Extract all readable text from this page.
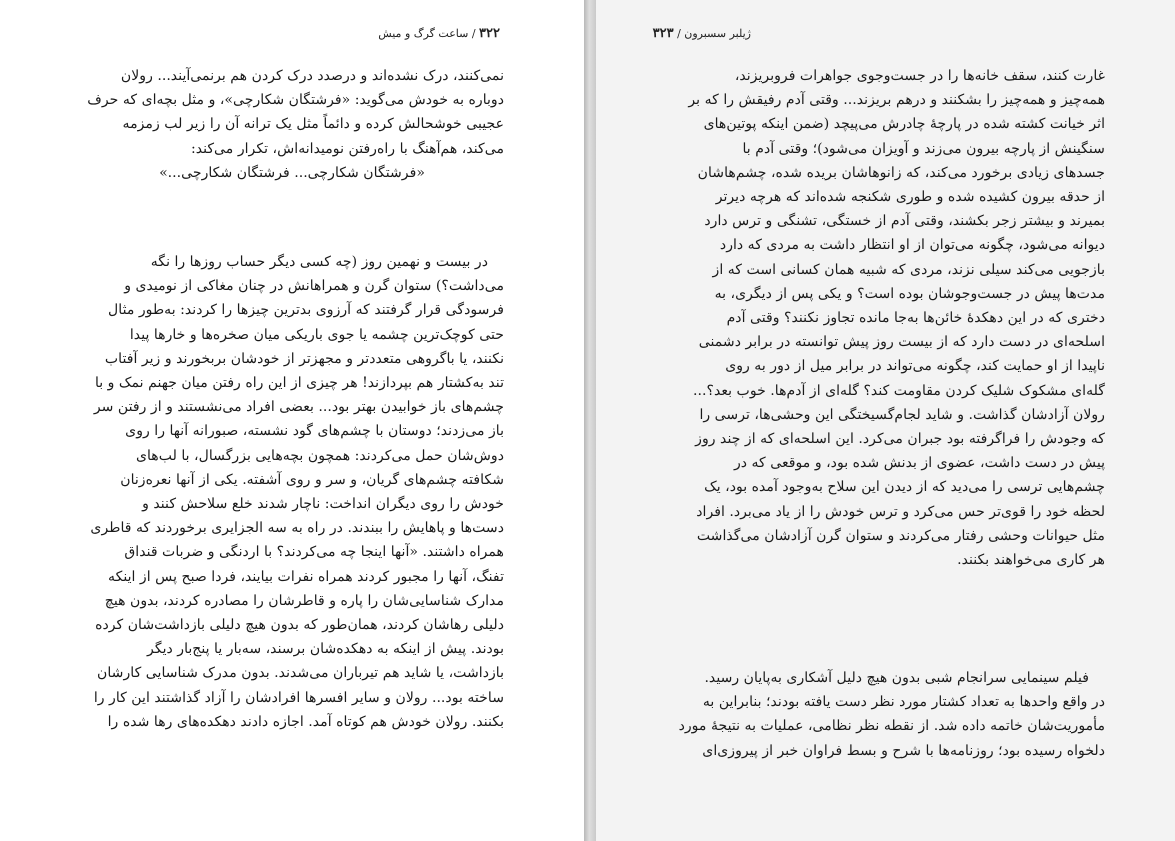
۳۲۲ / ساعت گرگ و میش

نمی‌کنند، درک نشده‌اند و درصدد درک کردن هم برنمی‌آیند... رولان

دوباره به خودش می‌گوید: «فرشتگان شکارچی»، و مثل بچه‌ای که حرف

عجیبی خوشحالش کرده و دائماً مثل یک ترانه آن را زیر لب زمزمه

می‌کند، هم‌آهنگ با راه‌رفتن نومیدانه‌اش، تکرار می‌کند:

«فرشتگان شکارچی... فرشتگان شکارچی...»

در بیست و نهمین روز (چه کسی دیگر حساب روزها را نگه

می‌داشت؟) ستوان گرن و همراهانش در چنان مغاکی از نومیدی و

فرسودگی قرار گرفتند که آرزوی بدترین چیزها را کردند: به‌طور مثال

حتی کوچک‌ترین چشمه یا جوی باریکی میان صخره‌ها و خارها پیدا

نکنند، یا باگروهی متعددتر و مجهزتر از خودشان بربخورند و زیر آفتاب

تند به‌کشتار هم بپردازند! هر چیزی از این راه رفتن میان جهنم نمک و با

چشم‌های باز خوابیدن بهتر بود... بعضی افراد می‌نشستند و از رفتن سر

باز می‌زدند؛ دوستان با چشم‌های گود نشسته، صبورانه آنها را روی

دوش‌شان حمل می‌کردند: همچون بچه‌هایی بزرگسال، با لب‌های

شکافته چشم‌های گریان، و سر و روی آشفته. یکی از آنها نعره‌زنان

خودش را روی دیگران انداخت: ناچار شدند خلع سلاحش کنند و

دست‌ها و پاهایش را ببندند. در راه به سه الجزایری برخوردند که قاطری

همراه داشتند. «آنها اینجا چه می‌کردند؟ با اردنگی و ضربات قنداق

تفنگ، آنها را مجبور کردند همراه نفرات بیایند، فردا صبح پس از اینکه

مدارک شناسایی‌شان را پاره و قاطرشان را مصادره کردند، بدون هیچ

دلیلی رهاشان کردند، همان‌طور که بدون هیچ دلیلی بازداشت‌شان کرده

بودند. پیش از اینکه به دهکده‌شان برسند، سه‌بار یا پنج‌بار دیگر

بازداشت، یا شاید هم تیرباران می‌شدند. بدون مدرک شناسایی کارشان

ساخته بود... رولان و سایر افسرها افرادشان را آزاد گذاشتند این کار را

بکنند. رولان خودش هم کوتاه آمد. اجازه دادند دهکده‌های رها شده را

ژیلبر سسبرون / ۳۲۳

غارت کنند، سقف خانه‌ها را در جست‌وجوی جواهرات فروبریزند،

همه‌چیز و همه‌چیز را بشکنند و درهم بریزند... وقتی آدم رفیقش را که بر

اثر خیانت کشته شده در پارچهٔ چادرش می‌پیچد (ضمن اینکه پوتین‌های

سنگینش از پارچه بیرون می‌زند و آویزان می‌شود)؛ وقتی آدم با

جسدهای زیادی برخورد می‌کند، که زانوهاشان بریده شده، چشم‌هاشان

از حدقه بیرون کشیده شده و طوری شکنجه شده‌اند که هرچه دیرتر

بمیرند و بیشتر زجر بکشند، وقتی آدم از خستگی، تشنگی و ترس دارد

دیوانه می‌شود، چگونه می‌توان از او انتظار داشت به مردی که دارد

بازجویی می‌کند سیلی نزند، مردی که شبیه همان کسانی است که از

مدت‌ها پیش در جست‌وجوشان بوده است؟ و یکی پس از دیگری، به

دختری که در این دهکدهٔ خائن‌ها به‌جا مانده تجاوز نکنند؟ وقتی آدم

اسلحه‌ای در دست دارد که از بیست روز پیش توانسته در برابر دشمنی

ناپیدا از او حمایت کند، چگونه می‌تواند در برابر میل از دور به روی

گله‌ای مشکوک شلیک کردن مقاومت کند؟ گله‌ای از آدم‌ها. خوب بعد؟...

رولان آزادشان گذاشت. و شاید لجام‌گسیختگی این وحشی‌ها، ترسی را

که وجودش را فراگرفته بود جبران می‌کرد. این اسلحه‌ای که از چند روز

پیش در دست داشت، عضوی از بدنش شده بود، و موقعی که در

چشم‌هایی ترسی را می‌دید که از دیدن این سلاح به‌وجود آمده بود، یک

لحظه خود را قوی‌تر حس می‌کرد و ترس خودش را از یاد می‌برد. افراد

مثل حیوانات وحشی رفتار می‌کردند و ستوان گرن آزادشان می‌گذاشت

هر کاری می‌خواهند بکنند.

فیلم سینمایی سرانجام شبی بدون هیچ دلیل آشکاری به‌پایان رسید.

در واقع واحدها به تعداد کشتار مورد نظر دست یافته بودند؛ بنابراین به

مأموریت‌شان خاتمه داده شد. از نقطه نظر نظامی، عملیات به نتیجهٔ مورد

دلخواه رسیده بود؛ روزنامه‌ها با شرح و بسط فراوان خبر از پیروزی‌ای
